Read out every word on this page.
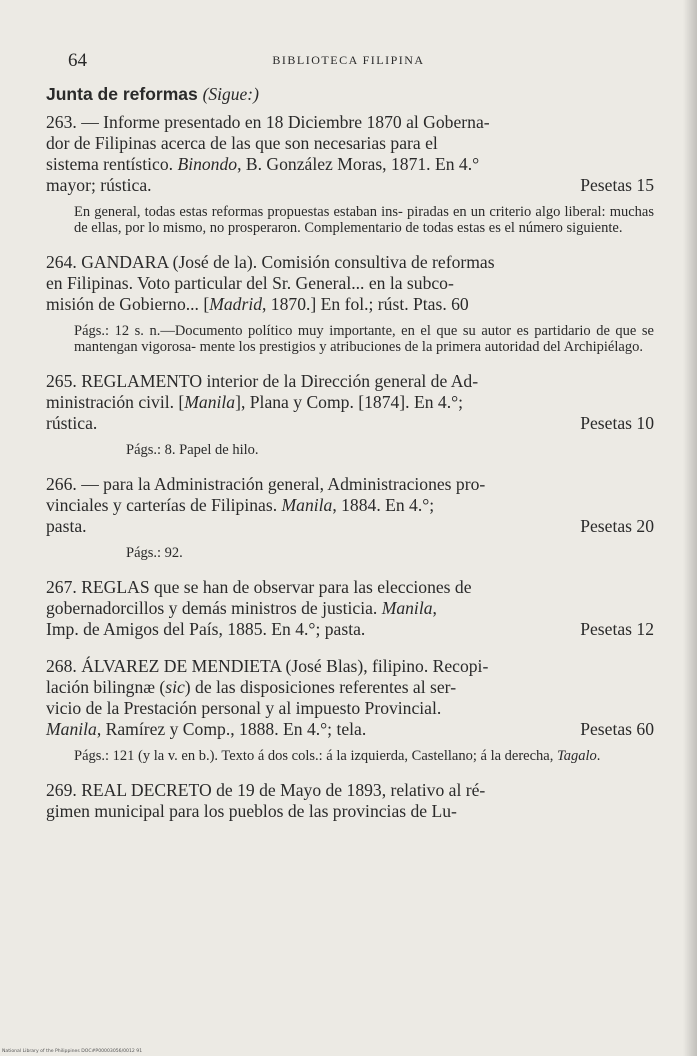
64	BIBLIOTECA FILIPINA
Junta de reformas (Sigue:)

263. — Informe presentado en 18 Diciembre 1870 al Goberna-
dor de Filipinas acerca de las que son necesarias para el
sistema rentístico. Binondo, B. González Moras, 1871. En 4.°
mayor; rústica.	Pesetas 15

En general, todas estas reformas propuestas estaban ins- piradas en un criterio algo liberal: muchas de ellas, por lo mismo, no prosperaron. Complementario de todas estas es el número siguiente.

264. GANDARA (José de la). Comisión consultiva de reformas
en Filipinas. Voto particular del Sr. General... en la subco-
misión de Gobierno... [Madrid, 1870.] En fol.; rúst. Ptas. 60

Págs.: 12 s. n.—Documento político muy importante, en el que su autor es partidario de que se mantengan vigorosa- mente los prestigios y atribuciones de la primera autoridad del Archipiélago.

265. REGLAMENTO interior de la Dirección general de Ad-
ministración civil. [Manila], Plana y Comp. [1874]. En 4.°;
rústica.	Pesetas 10

Págs.: 8. Papel de hilo.

266. — para la Administración general, Administraciones pro-
vinciales y carterías de Filipinas. Manila, 1884. En 4.°;
pasta.	Pesetas 20

Págs.: 92.

267. REGLAS que se han de observar para las elecciones de
gobernadorcillos y demás ministros de justicia. Manila,
Imp. de Amigos del País, 1885. En 4.°; pasta.	Pesetas 12

268. ÁLVAREZ DE MENDIETA (José Blas), filipino. Recopi-
lación bilingnæ (sic) de las disposiciones referentes al ser-
vicio de la Prestación personal y al impuesto Provincial.
Manila, Ramírez y Comp., 1888. En 4.°; tela.	Pesetas 60

Págs.: 121 (y la v. en b.). Texto á dos cols.: á la izquierda, Castellano; á la derecha, Tagalo.

269. REAL DECRETO de 19 de Mayo de 1893, relativo al ré-
gimen municipal para los pueblos de las provincias de Lu-

National Library of the Philippines DOC#P00003056/0012 91
